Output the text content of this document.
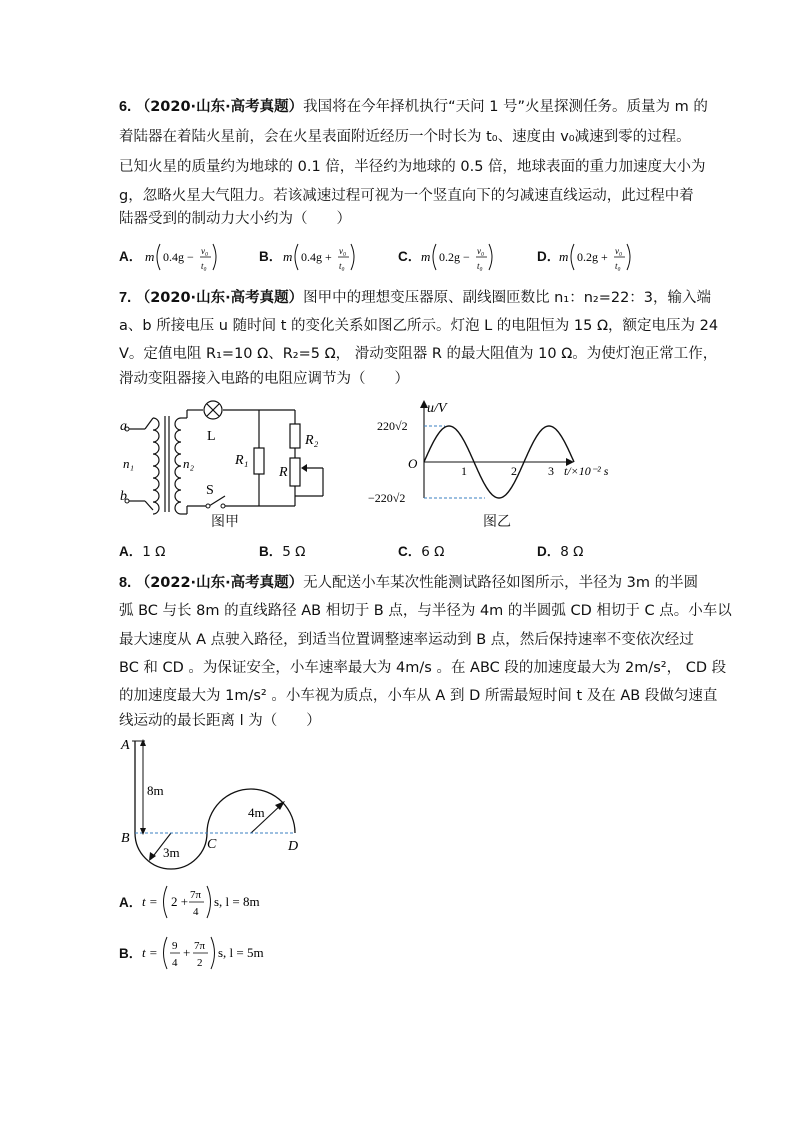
6. （2020·山东·高考真题）我国将在今年择机执行“天问 1 号”火星探测任务。质量为 m 的
着陆器在着陆火星前，会在火星表面附近经历一个时长为 t₀、速度由 v₀减速到零的过程。
已知火星的质量约为地球的 0.1 倍，半径约为地球的 0.5 倍，地球表面的重力加速度大小为
g，忽略火星大气阻力。若该减速过程可视为一个竖直向下的匀减速直线运动，此过程中着
陆器受到的制动力大小约为（　　）
A．	B．	C．	D．
m 0.4g − v₀
t₀
m 0.4g + v₀
t₀
m 0.2g − v₀
t₀
m 0.2g + v₀
t₀
7. （2020·山东·高考真题）图甲中的理想变压器原、副线圈匝数比 n₁：n₂=22：3，输入端
a、b 所接电压 u 随时间 t 的变化关系如图乙所示。灯泡 L 的电阻恒为 15 Ω，额定电压为 24
V。定值电阻 R₁=10 Ω、R₂=5 Ω， 滑动变阻器 R 的最大阻值为 10 Ω。为使灯泡正常工作，
滑动变阻器接入电路的电阻应调节为（　　）
a
b
n₁	n₂
L
R₁
R₂
R
S
图甲
u/V
220√2
−220√2
O	1	2	3 t/×10⁻² s
图乙
A．1 Ω	B．5 Ω	C．6 Ω	D．8 Ω
8. （2022·山东·高考真题）无人配送小车某次性能测试路径如图所示，半径为 3m 的半圆
弧 BC 与长 8m 的直线路径 AB 相切于 B 点，与半径为 4m 的半圆弧 CD 相切于 C 点。小车以
最大速度从 A 点驶入路径，到适当位置调整速率运动到 B 点，然后保持速率不变依次经过
BC 和 CD 。为保证安全，小车速率最大为 4m/s 。在 ABC 段的加速度最大为 2m/s²， CD 段
的加速度最大为 1m/s² 。小车视为质点，小车从 A 到 D 所需最短时间 t 及在 AB 段做匀速直
线运动的最长距离 l 为（　　）
A
B	C	D
8m
3m
4m
A． t = 2 + 7π
4
s, l = 8m
B． t = 9
4
+ 7π
2
s, l = 5m
